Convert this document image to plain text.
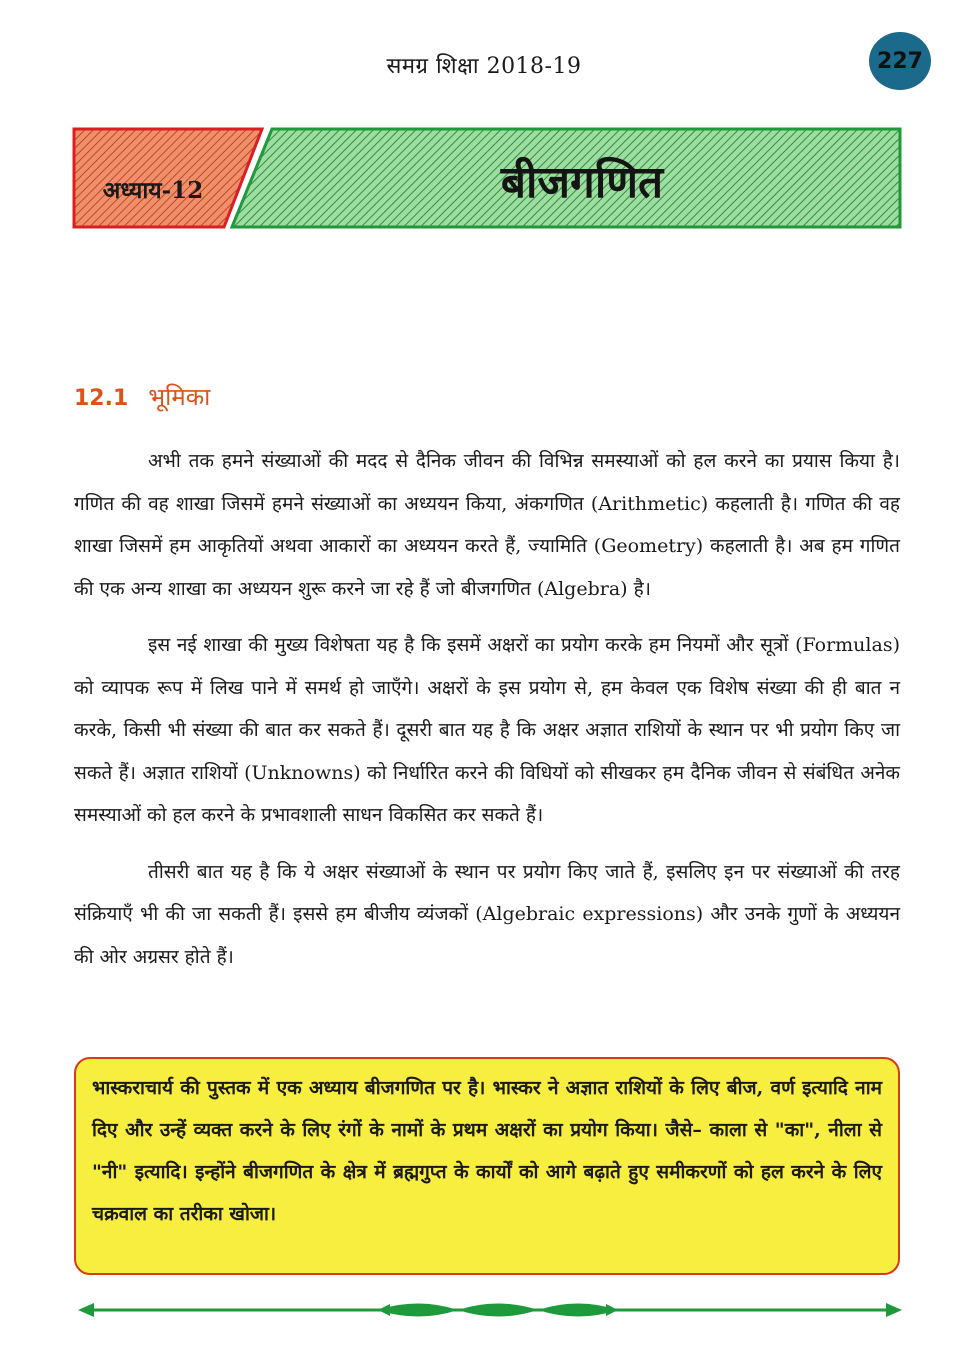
समग्र शिक्षा 2018-19	227
अध्याय-12	बीजगणित
12.1 भूमिका

अभी तक हमने संख्याओं की मदद से दैनिक जीवन की विभिन्न समस्याओं को हल करने का प्रयास किया है। गणित की वह शाखा जिसमें हमने संख्याओं का अध्ययन किया, अंकगणित (Arithmetic) कहलाती है। गणित की वह शाखा जिसमें हम आकृतियों अथवा आकारों का अध्ययन करते हैं, ज्यामिति (Geometry) कहलाती है। अब हम गणित की एक अन्य शाखा का अध्ययन शुरू करने जा रहे हैं जो बीजगणित (Algebra) है।

इस नई शाखा की मुख्य विशेषता यह है कि इसमें अक्षरों का प्रयोग करके हम नियमों और सूत्रों (Formulas) को व्यापक रूप में लिख पाने में समर्थ हो जाएँगे। अक्षरों के इस प्रयोग से, हम केवल एक विशेष संख्या की ही बात न करके, किसी भी संख्या की बात कर सकते हैं। दूसरी बात यह है कि अक्षर अज्ञात राशियों के स्थान पर भी प्रयोग किए जा सकते हैं। अज्ञात राशियों (Unknowns) को निर्धारित करने की विधियों को सीखकर हम दैनिक जीवन से संबंधित अनेक समस्याओं को हल करने के प्रभावशाली साधन विकसित कर सकते हैं।

तीसरी बात यह है कि ये अक्षर संख्याओं के स्थान पर प्रयोग किए जाते हैं, इसलिए इन पर संख्याओं की तरह संक्रियाएँ भी की जा सकती हैं। इससे हम बीजीय व्यंजकों (Algebraic expressions) और उनके गुणों के अध्ययन की ओर अग्रसर होते हैं।

भास्कराचार्य की पुस्तक में एक अध्याय बीजगणित पर है। भास्कर ने अज्ञात राशियों के लिए बीज, वर्ण इत्यादि नाम दिए और उन्हें व्यक्त करने के लिए रंगों के नामों के प्रथम अक्षरों का प्रयोग किया। जैसे– काला से "का", नीला से "नी" इत्यादि। इन्होंने बीजगणित के क्षेत्र में ब्रह्मगुप्त के कार्यों को आगे बढ़ाते हुए समीकरणों को हल करने के लिए चक्रवाल का तरीका खोजा।
